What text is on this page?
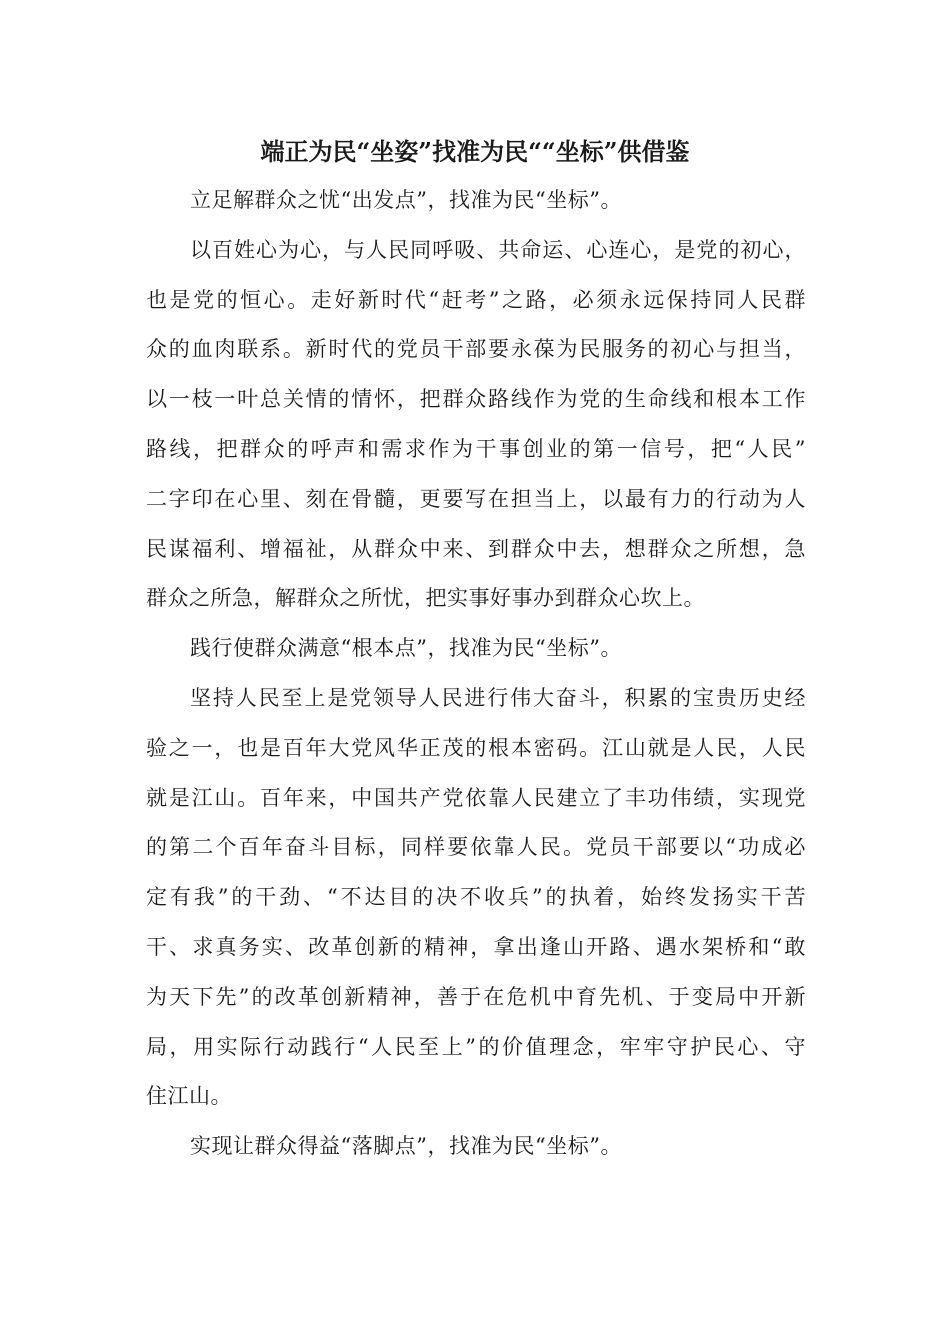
端正为民“坐姿”找准为民““坐标”供借鉴
立足解群众之忧“出发点”，找准为民“坐标”。
以百姓心为心，与人民同呼吸、共命运、心连心，是党的初心，
也是党的恒心。走好新时代“赶考”之路，必须永远保持同人民群
众的血肉联系。新时代的党员干部要永葆为民服务的初心与担当，
以一枝一叶总关情的情怀，把群众路线作为党的生命线和根本工作
路线，把群众的呼声和需求作为干事创业的第一信号，把“人民”
二字印在心里、刻在骨髓，更要写在担当上，以最有力的行动为人
民谋福利、增福祉，从群众中来、到群众中去，想群众之所想，急
群众之所急，解群众之所忧，把实事好事办到群众心坎上。
践行使群众满意“根本点”，找准为民“坐标”。
坚持人民至上是党领导人民进行伟大奋斗，积累的宝贵历史经
验之一，也是百年大党风华正茂的根本密码。江山就是人民，人民
就是江山。百年来，中国共产党依靠人民建立了丰功伟绩，实现党
的第二个百年奋斗目标，同样要依靠人民。党员干部要以“功成必
定有我”的干劲、“不达目的决不收兵”的执着，始终发扬实干苦
干、求真务实、改革创新的精神，拿出逢山开路、遇水架桥和“敢
为天下先”的改革创新精神，善于在危机中育先机、于变局中开新
局，用实际行动践行“人民至上”的价值理念，牢牢守护民心、守
住江山。
实现让群众得益“落脚点”，找准为民“坐标”。
